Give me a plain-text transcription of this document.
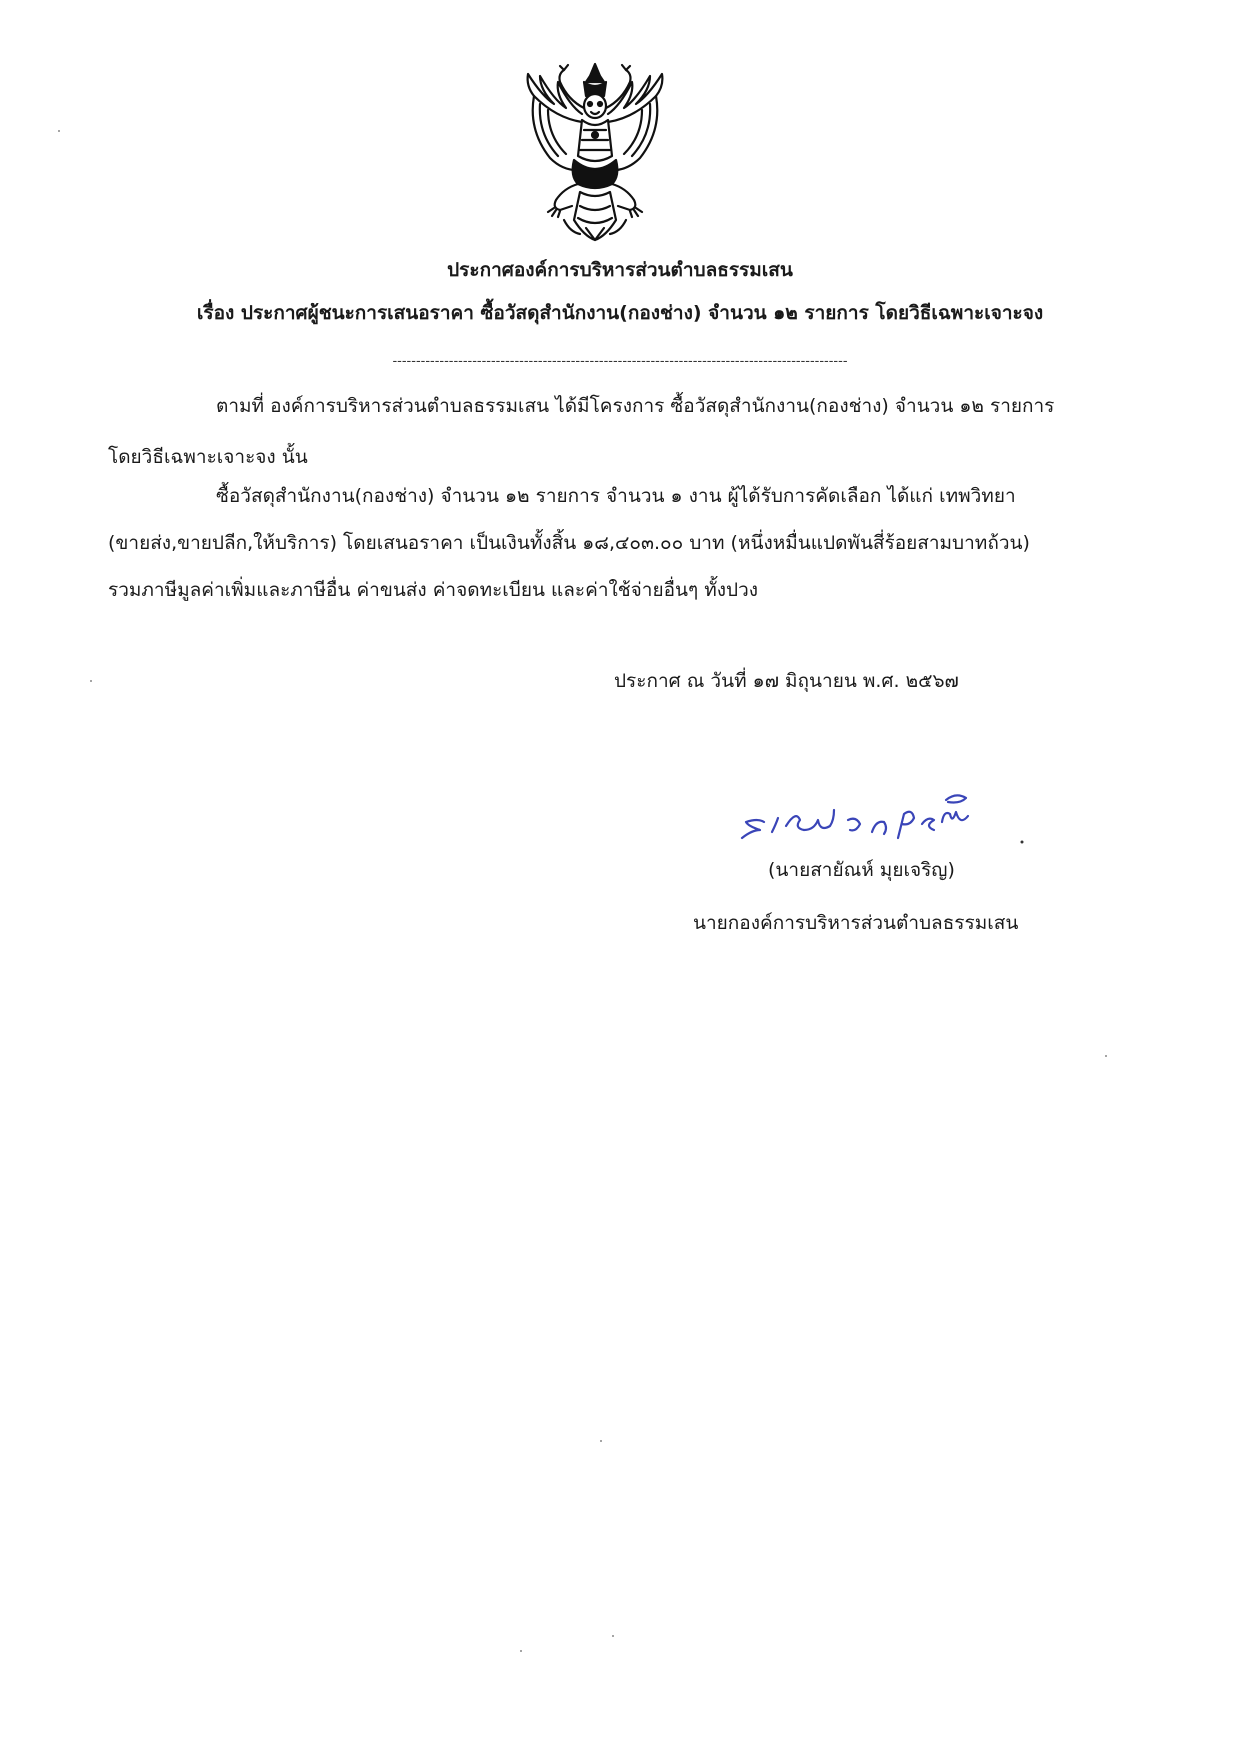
ประกาศองค์การบริหารส่วนตำบลธรรมเสน
เรื่อง ประกาศผู้ชนะการเสนอราคา ซื้อวัสดุสำนักงาน(กองช่าง) จำนวน ๑๒ รายการ โดยวิธีเฉพาะเจาะจง
-------------------------------------------------------------------------------------------------
ตามที่ องค์การบริหารส่วนตำบลธรรมเสน ได้มีโครงการ ซื้อวัสดุสำนักงาน(กองช่าง) จำนวน ๑๒ รายการ
โดยวิธีเฉพาะเจาะจง นั้น
ซื้อวัสดุสำนักงาน(กองช่าง) จำนวน ๑๒ รายการ จำนวน ๑ งาน ผู้ได้รับการคัดเลือก ได้แก่ เทพวิทยา
(ขายส่ง,ขายปลีก,ให้บริการ) โดยเสนอราคา เป็นเงินทั้งสิ้น ๑๘,๔๐๓.๐๐ บาท (หนึ่งหมื่นแปดพันสี่ร้อยสามบาทถ้วน)
รวมภาษีมูลค่าเพิ่มและภาษีอื่น ค่าขนส่ง ค่าจดทะเบียน และค่าใช้จ่ายอื่นๆ ทั้งปวง
ประกาศ ณ วันที่ ๑๗ มิถุนายน พ.ศ. ๒๕๖๗
(นายสายัณห์ มุยเจริญ)
นายกองค์การบริหารส่วนตำบลธรรมเสน
